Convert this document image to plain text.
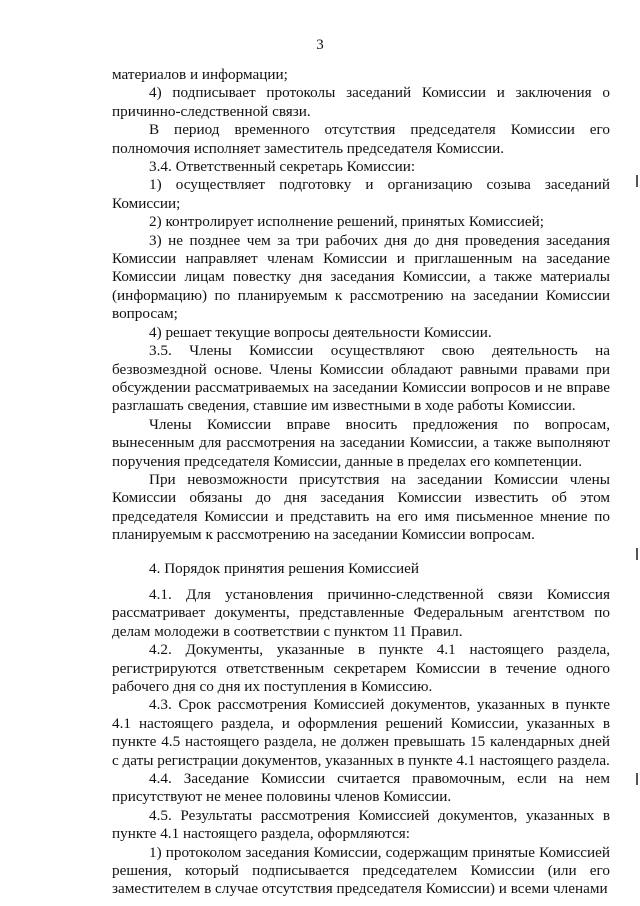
3

материалов и информации;

4) подписывает протоколы заседаний Комиссии и заключения о причинно-следственной связи.

В период временного отсутствия председателя Комиссии его полномочия исполняет заместитель председателя Комиссии.

3.4. Ответственный секретарь Комиссии:

1) осуществляет подготовку и организацию созыва заседаний Комиссии;

2) контролирует исполнение решений, принятых Комиссией;

3) не позднее чем за три рабочих дня до дня проведения заседания Комиссии направляет членам Комиссии и приглашенным на заседание Комиссии лицам повестку дня заседания Комиссии, а также материалы (информацию) по планируемым к рассмотрению на заседании Комиссии вопросам;

4) решает текущие вопросы деятельности Комиссии.

3.5. Члены Комиссии осуществляют свою деятельность на безвозмездной основе. Члены Комиссии обладают равными правами при обсуждении рассматриваемых на заседании Комиссии вопросов и не вправе разглашать сведения, ставшие им известными в ходе работы Комиссии.

Члены Комиссии вправе вносить предложения по вопросам, вынесенным для рассмотрения на заседании Комиссии, а также выполняют поручения председателя Комиссии, данные в пределах его компетенции.

При невозможности присутствия на заседании Комиссии члены Комиссии обязаны до дня заседания Комиссии известить об этом председателя Комиссии и представить на его имя письменное мнение по планируемым к рассмотрению на заседании Комиссии вопросам.

4. Порядок принятия решения Комиссией

4.1. Для установления причинно-следственной связи Комиссия рассматривает документы, представленные Федеральным агентством по делам молодежи в соответствии с пунктом 11 Правил.

4.2. Документы, указанные в пункте 4.1 настоящего раздела, регистрируются ответственным секретарем Комиссии в течение одного рабочего дня со дня их поступления в Комиссию.

4.3. Срок рассмотрения Комиссией документов, указанных в пункте 4.1 настоящего раздела, и оформления решений Комиссии, указанных в пункте 4.5 настоящего раздела, не должен превышать 15 календарных дней с даты регистрации документов, указанных в пункте 4.1 настоящего раздела.

4.4. Заседание Комиссии считается правомочным, если на нем присутствуют не менее половины членов Комиссии.

4.5. Результаты рассмотрения Комиссией документов, указанных в пункте 4.1 настоящего раздела, оформляются:

1) протоколом заседания Комиссии, содержащим принятые Комиссией решения, который подписывается председателем Комиссии (или его заместителем в случае отсутствия председателя Комиссии) и всеми членами
